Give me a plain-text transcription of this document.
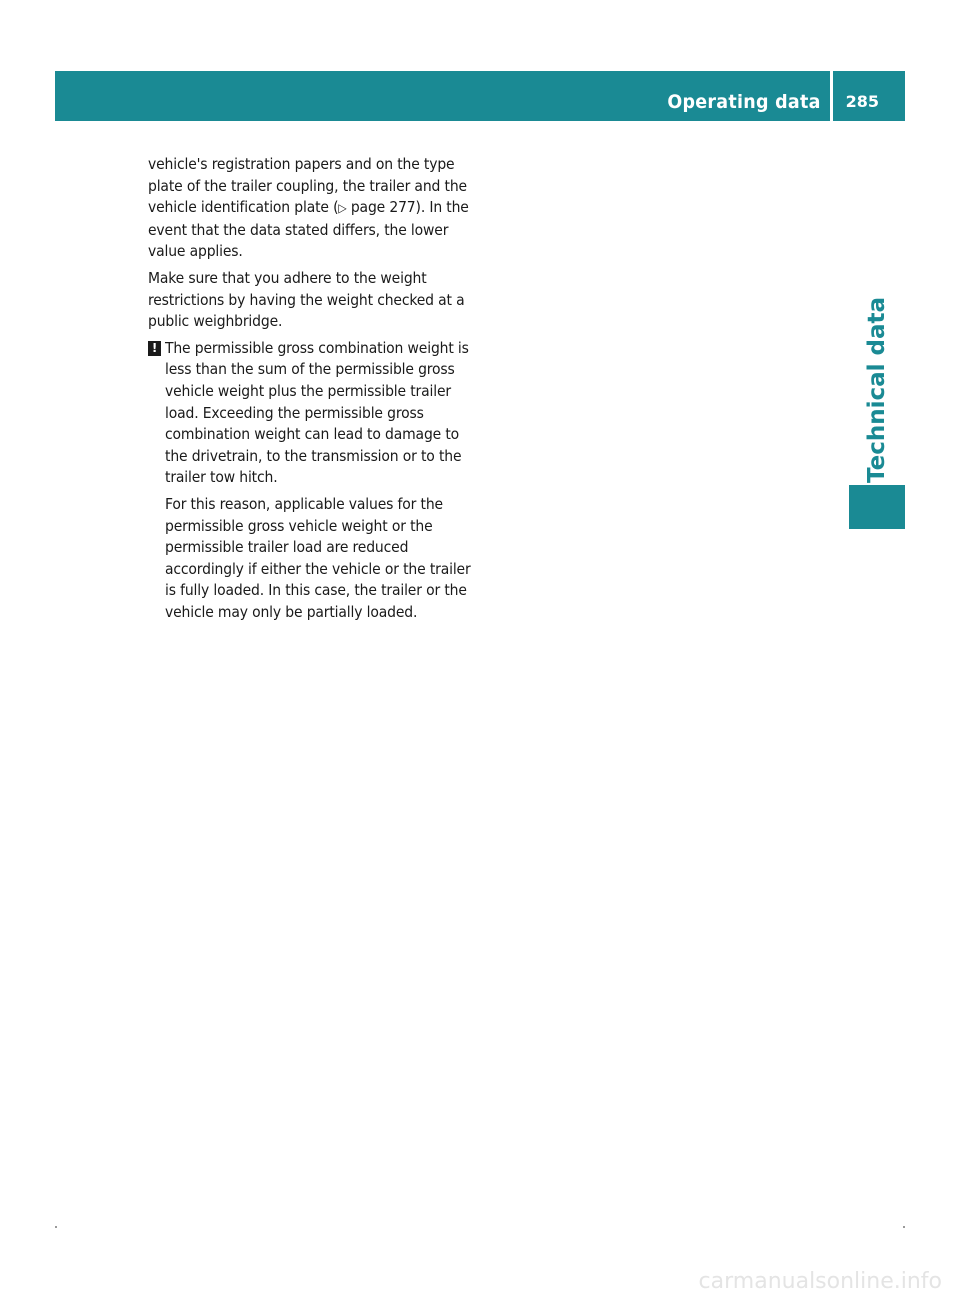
Operating data 285
Technical data

vehicle's registration papers and on the type plate of the trailer coupling, the trailer and the vehicle identification plate (▷ page 277). In the event that the data stated differs, the lower value applies.

Make sure that you adhere to the weight restrictions by having the weight checked at a public weighbridge.

! The permissible gross combination weight is less than the sum of the permissible gross vehicle weight plus the permissible trailer load. Exceeding the permissible gross combination weight can lead to damage to the drivetrain, to the transmission or to the trailer tow hitch.

For this reason, applicable values for the permissible gross vehicle weight or the permissible trailer load are reduced accordingly if either the vehicle or the trailer is fully loaded. In this case, the trailer or the vehicle may only be partially loaded.

carmanualsonline.info
